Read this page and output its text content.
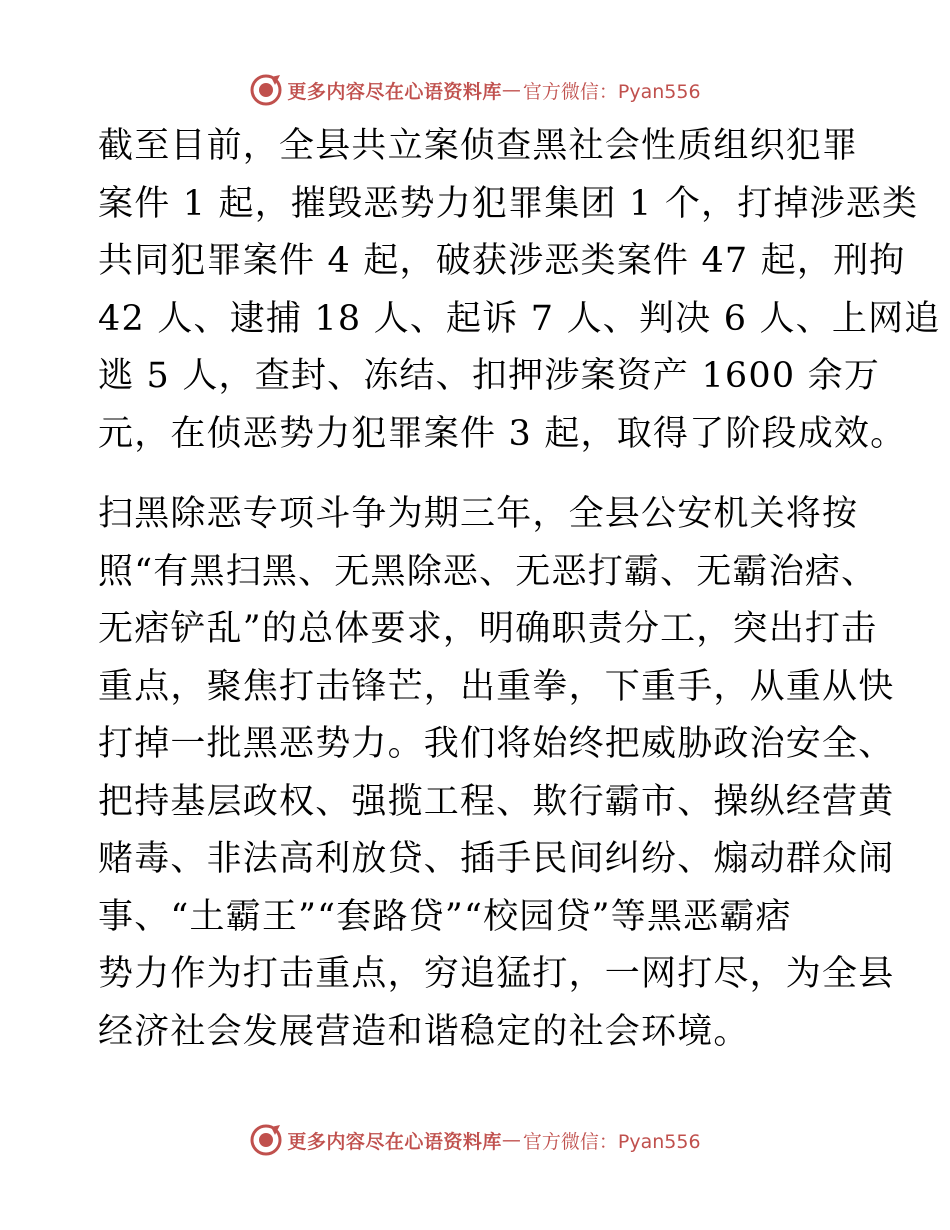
更多内容尽在心语资料库 — 官方微信：Pyan556
截至目前，全县共立案侦查黑社会性质组织犯罪
案件 1 起，摧毁恶势力犯罪集团 1 个，打掉涉恶类
共同犯罪案件 4 起，破获涉恶类案件 47 起，刑拘
42 人、逮捕 18 人、起诉 7 人、判决 6 人、上网追
逃 5 人，查封、冻结、扣押涉案资产 1600 余万
元，在侦恶势力犯罪案件 3 起，取得了阶段成效。
扫黑除恶专项斗争为期三年，全县公安机关将按
照“有黑扫黑、无黑除恶、无恶打霸、无霸治痞、
无痞铲乱”的总体要求，明确职责分工，突出打击
重点，聚焦打击锋芒，出重拳，下重手，从重从快
打掉一批黑恶势力。我们将始终把威胁政治安全、
把持基层政权、强揽工程、欺行霸市、操纵经营黄
赌毒、非法高利放贷、插手民间纠纷、煽动群众闹
事、“土霸王”“套路贷”“校园贷”等黑恶霸痞
势力作为打击重点，穷追猛打，一网打尽，为全县
经济社会发展营造和谐稳定的社会环境。
更多内容尽在心语资料库 — 官方微信：Pyan556
